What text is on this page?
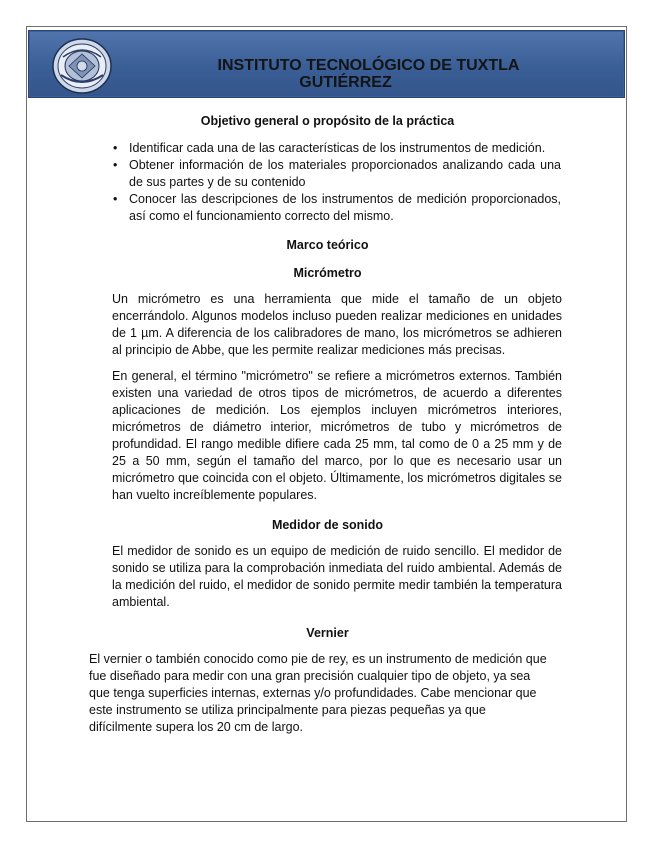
INSTITUTO TECNOLÓGICO DE TUXTLA
GUTIÉRREZ
Objetivo general o propósito de la práctica
• Identificar cada una de las características de los instrumentos de medición.
• Obtener información de los materiales proporcionados analizando cada una de sus partes y de su contenido
• Conocer las descripciones de los instrumentos de medición proporcionados, así como el funcionamiento correcto del mismo.
Marco teórico
Micrómetro

Un micrómetro es una herramienta que mide el tamaño de un objeto encerrándolo. Algunos modelos incluso pueden realizar mediciones en unidades de 1 µm. A diferencia de los calibradores de mano, los micrómetros se adhieren al principio de Abbe, que les permite realizar mediciones más precisas.

En general, el término "micrómetro" se refiere a micrómetros externos. También existen una variedad de otros tipos de micrómetros, de acuerdo a diferentes aplicaciones de medición. Los ejemplos incluyen micrómetros interiores, micrómetros de diámetro interior, micrómetros de tubo y micrómetros de profundidad. El rango medible difiere cada 25 mm, tal como de 0 a 25 mm y de 25 a 50 mm, según el tamaño del marco, por lo que es necesario usar un micrómetro que coincida con el objeto. Últimamente, los micrómetros digitales se han vuelto increíblemente populares.

Medidor de sonido

El medidor de sonido es un equipo de medición de ruido sencillo. El medidor de sonido se utiliza para la comprobación inmediata del ruido ambiental. Además de la medición del ruido, el medidor de sonido permite medir también la temperatura ambiental.

Vernier
El vernier o también conocido como pie de rey, es un instrumento de medición que
fue diseñado para medir con una gran precisión cualquier tipo de objeto, ya sea
que tenga superficies internas, externas y/o profundidades. Cabe mencionar que
este instrumento se utiliza principalmente para piezas pequeñas ya que
difícilmente supera los 20 cm de largo.
